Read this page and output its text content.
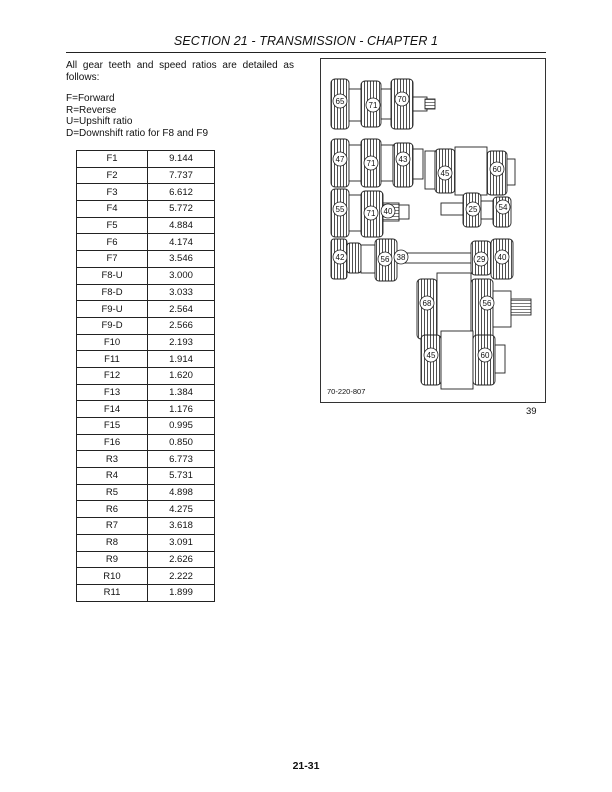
SECTION 21 - TRANSMISSION - CHAPTER 1
All gear teeth and speed ratios are detailed as follows:
F=Forward
R=Reverse
U=Upshift ratio
D=Downshift ratio for F8 and F9
F1	9.144
F2	7.737
F3	6.612
F4	5.772
F5	4.884
F6	4.174
F7	3.546
F8-U	3.000
F8-D	3.033
F9-U	2.564
F9-D	2.566
F10	2.193
F11	1.914
F12	1.620
F13	1.384
F14	1.176
F15	0.995
F16	0.850
R3	6.773
R4	5.731
R5	4.898
R6	4.275
R7	3.618
R8	3.091
R9	2.626
R10	2.222
R11	1.899
65	71
70
47	71	43
45	60
55	71 40	25	54
42	56 38	29 40
68	56
45	60
70-220-807
39
21-31
